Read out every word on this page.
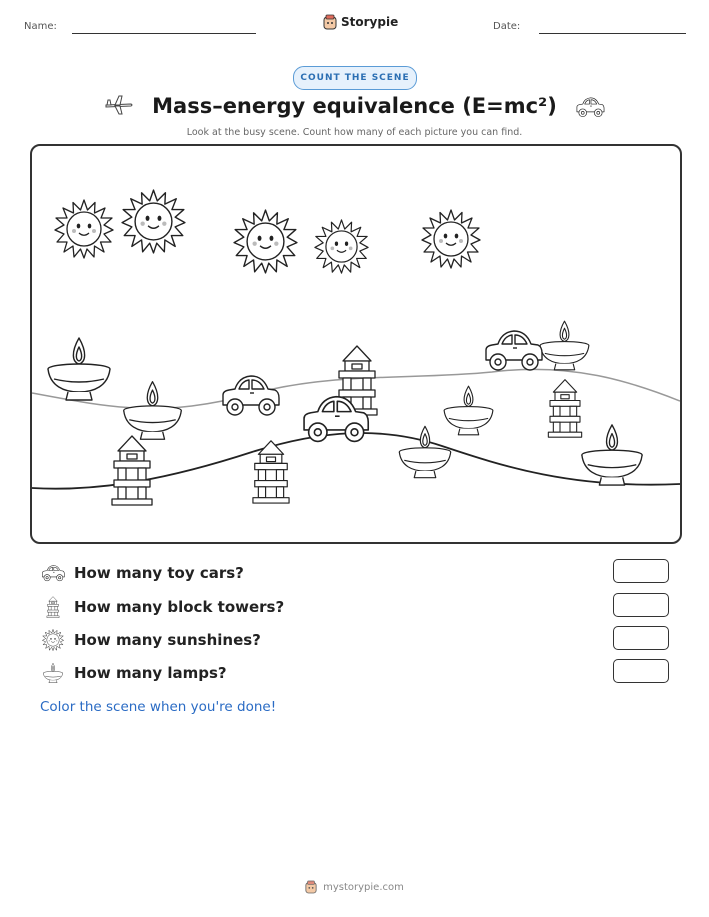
Name:	Storypie	Date:
COUNT THE SCENE
Mass–energy equivalence (E=mc²)
Look at the busy scene. Count how many of each picture you can find.
How many toy cars?
How many block towers?
How many sunshines?
How many lamps?
Color the scene when you're done!
mystorypie.com
